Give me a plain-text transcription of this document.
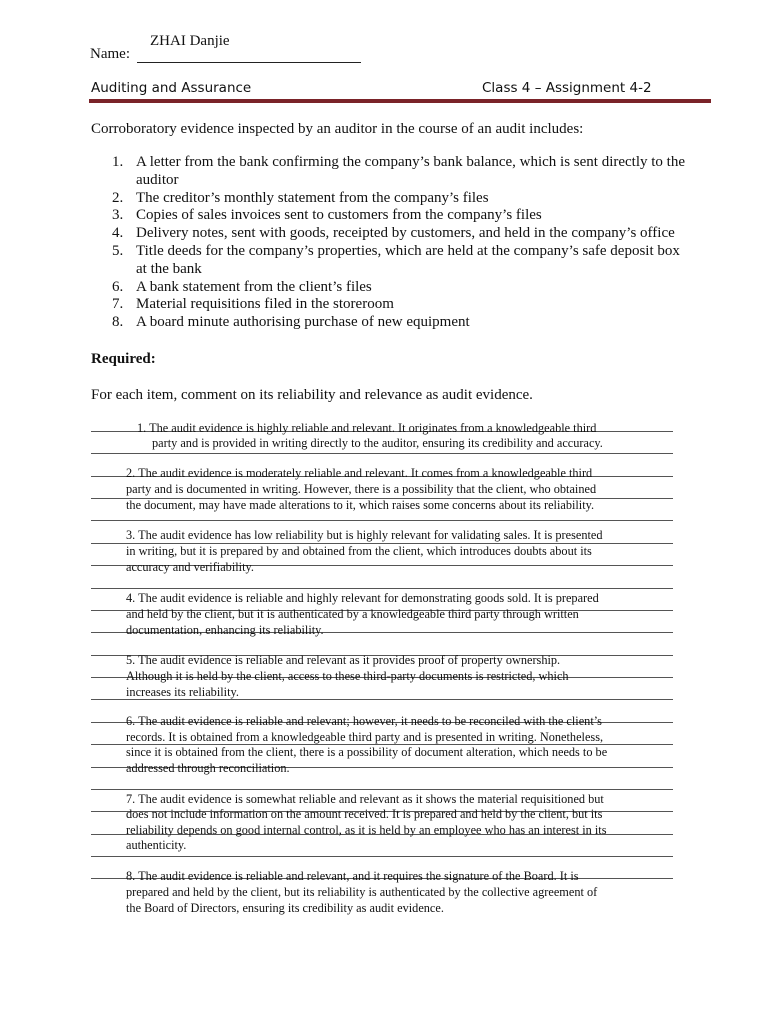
ZHAI Danjie
Name:
Auditing and Assurance	Class 4 – Assignment 4-2
Corroboratory evidence inspected by an auditor in the course of an audit includes:
1. A letter from the bank confirming the company’s bank balance, which is sent directly to the auditor
2. The creditor’s monthly statement from the company’s files
3. Copies of sales invoices sent to customers from the company’s files
4. Delivery notes, sent with goods, receipted by customers, and held in the company’s office
5. Title deeds for the company’s properties, which are held at the company’s safe deposit box at the bank
6. A bank statement from the client’s files
7. Material requisitions filed in the storeroom
8. A board minute authorising purchase of new equipment
Required:
For each item, comment on its reliability and relevance as audit evidence.
1. The audit evidence is highly reliable and relevant. It originates from a knowledgeable third
party and is provided in writing directly to the auditor, ensuring its credibility and accuracy.
2. The audit evidence is moderately reliable and relevant. It comes from a knowledgeable third
party and is documented in writing. However, there is a possibility that the client, who obtained
the document, may have made alterations to it, which raises some concerns about its reliability.
3. The audit evidence has low reliability but is highly relevant for validating sales. It is presented
in writing, but it is prepared by and obtained from the client, which introduces doubts about its
accuracy and verifiability.
4. The audit evidence is reliable and highly relevant for demonstrating goods sold. It is prepared
and held by the client, but it is authenticated by a knowledgeable third party through written
documentation, enhancing its reliability.
5. The audit evidence is reliable and relevant as it provides proof of property ownership.
Although it is held by the client, access to these third-party documents is restricted, which
increases its reliability.
6. The audit evidence is reliable and relevant; however, it needs to be reconciled with the client’s
records. It is obtained from a knowledgeable third party and is presented in writing. Nonetheless,
since it is obtained from the client, there is a possibility of document alteration, which needs to be
addressed through reconciliation.
7. The audit evidence is somewhat reliable and relevant as it shows the material requisitioned but
does not include information on the amount received. It is prepared and held by the client, but its
reliability depends on good internal control, as it is held by an employee who has an interest in its
authenticity.
8. The audit evidence is reliable and relevant, and it requires the signature of the Board. It is
prepared and held by the client, but its reliability is authenticated by the collective agreement of
the Board of Directors, ensuring its credibility as audit evidence.
